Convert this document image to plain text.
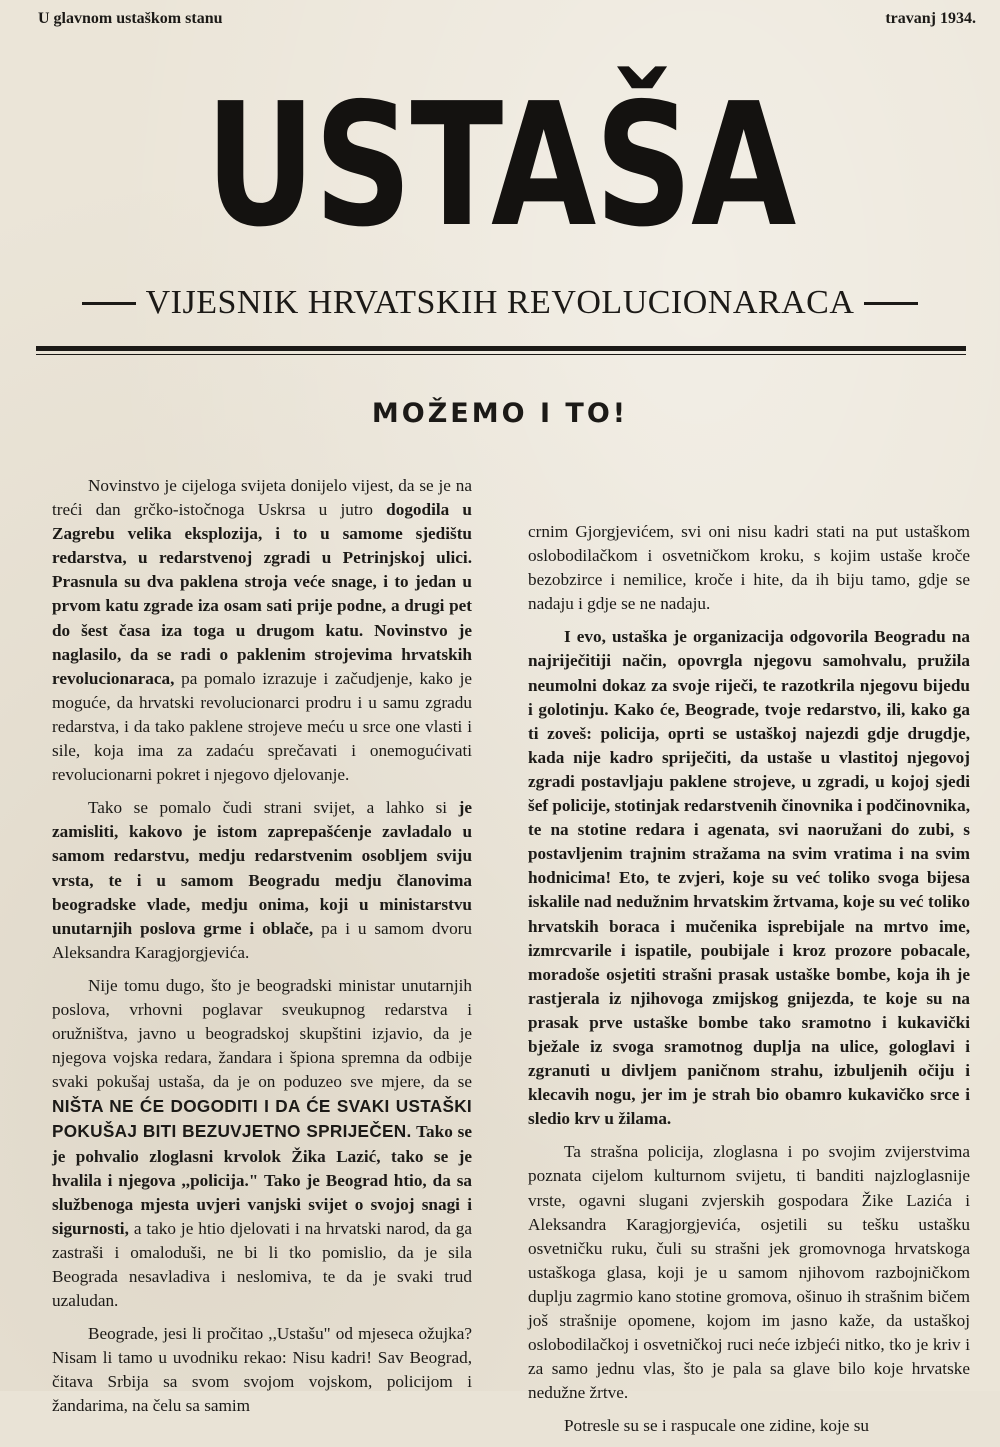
U glavnom ustaškom stanu	travanj 1934.
USTAŠA
VIJESNIK HRVATSKIH REVOLUCIONARACA
MOŽEMO I TO!

Novinstvo je cijeloga svijeta donijelo vijest, da se je na treći dan grčko-istočnoga Uskrsa u jutro dogodila u Zagrebu velika eksplozija, i to u samome sjedištu redarstva, u redarstvenoj zgradi u Petrinjskoj ulici. Prasnula su dva paklena stroja veće snage, i to jedan u prvom katu zgrade iza osam sati prije podne, a drugi pet do šest časa iza toga u drugom katu. Novinstvo je naglasilo, da se radi o paklenim strojevima hrvatskih revolucionaraca, pa pomalo izrazuje i začudjenje, kako je moguće, da hrvatski revolucionarci prodru i u samu zgradu redarstva, i da tako paklene strojeve meću u srce one vlasti i sile, koja ima za zadaću sprečavati i onemogućivati revolucionarni pokret i njegovo djelovanje.

Tako se pomalo čudi strani svijet, a lahko si je zamisliti, kakovo je istom zaprepašćenje zavladalo u samom redarstvu, medju redarstvenim osobljem sviju vrsta, te i u samom Beogradu medju članovima beogradske vlade, medju onima, koji u ministarstvu unutarnjih poslova grme i oblače, pa i u samom dvoru Aleksandra Karagjorgjevića.

Nije tomu dugo, što je beogradski ministar unutarnjih poslova, vrhovni poglavar sveukupnog redarstva i oružništva, javno u beogradskoj skupštini izjavio, da je njegova vojska redara, žandara i špiona spremna da odbije svaki pokušaj ustaša, da je on poduzeo sve mjere, da se NIŠTA NE ĆE DOGODITI I DA ĆE SVAKI USTAŠKI POKUŠAJ BITI BEZUVJETNO SPRIJEČEN. Tako se je pohvalio zloglasni krvolok Žika Lazić, tako se je hvalila i njegova ,,policija." Tako je Beograd htio, da sa službenoga mjesta uvjeri vanjski svijet o svojoj snagi i sigurnosti, a tako je htio djelovati i na hrvatski narod, da ga zastraši i omaloduši, ne bi li tko pomislio, da je sila Beograda nesavladiva i neslomiva, te da je svaki trud uzaludan.

Beograde, jesi li pročitao ,,Ustašu" od mjeseca ožujka? Nisam li tamo u uvodniku rekao: Nisu kadri! Sav Beograd, čitava Srbija sa svom svojom vojskom, policijom i žandarima, na čelu sa samim

crnim Gjorgjevićem, svi oni nisu kadri stati na put ustaškom oslobodilačkom i osvetničkom kroku, s kojim ustaše kroče bezobzirce i nemilice, kroče i hite, da ih biju tamo, gdje se nadaju i gdje se ne nadaju.

I evo, ustaška je organizacija odgovorila Beogradu na najriječitiji način, opovrgla njegovu samohvalu, pružila neumolni dokaz za svoje riječi, te razotkrila njegovu bijedu i golotinju. Kako će, Beograde, tvoje redarstvo, ili, kako ga ti zoveš: policija, oprti se ustaškoj najezdi gdje drugdje, kada nije kadro spriječiti, da ustaše u vlastitoj njegovoj zgradi postavljaju paklene strojeve, u zgradi, u kojoj sjedi šef policije, stotinjak redarstvenih činovnika i podčinovnika, te na stotine redara i agenata, svi naoružani do zubi, s postavljenim trajnim stražama na svim vratima i na svim hodnicima! Eto, te zvjeri, koje su već toliko svoga bijesa iskalile nad nedužnim hrvatskim žrtvama, koje su već toliko hrvatskih boraca i mučenika isprebijale na mrtvo ime, izmrcvarile i ispatile, poubijale i kroz prozore pobacale, moradoše osjetiti strašni prasak ustaške bombe, koja ih je rastjerala iz njihovoga zmijskog gnijezda, te koje su na prasak prve ustaške bombe tako sramotno i kukavički bježale iz svoga sramotnog duplja na ulice, gologlavi i zgranuti u divljem paničnom strahu, izbuljenih očiju i klecavih nogu, jer im je strah bio obamro kukavičko srce i sledio krv u žilama.

Ta strašna policija, zloglasna i po svojim zvijerstvima poznata cijelom kulturnom svijetu, ti banditi najzloglasnije vrste, ogavni sluganі zvjerskih gospodara Žike Lazića i Aleksandra Karagjorgjevića, osjetili su tešku ustašku osvetničku ruku, čuli su strašni jek gromovnoga hrvatskoga ustaškoga glasa, koji je u samom njihovom razbojničkom duplju zagrmio kano stotine gromova, ošinuo ih strašnim bičem još strašnije opomene, kojom im jasno kaže, da ustaškoj oslobodilačkoj i osvetničkoj ruci neće izbjeći nitko, tko je kriv i za samo jednu vlas, što je pala sa glave bilo koje hrvatske nedužne žrtve.

Potresle su se i raspucale one zidine, koje su
